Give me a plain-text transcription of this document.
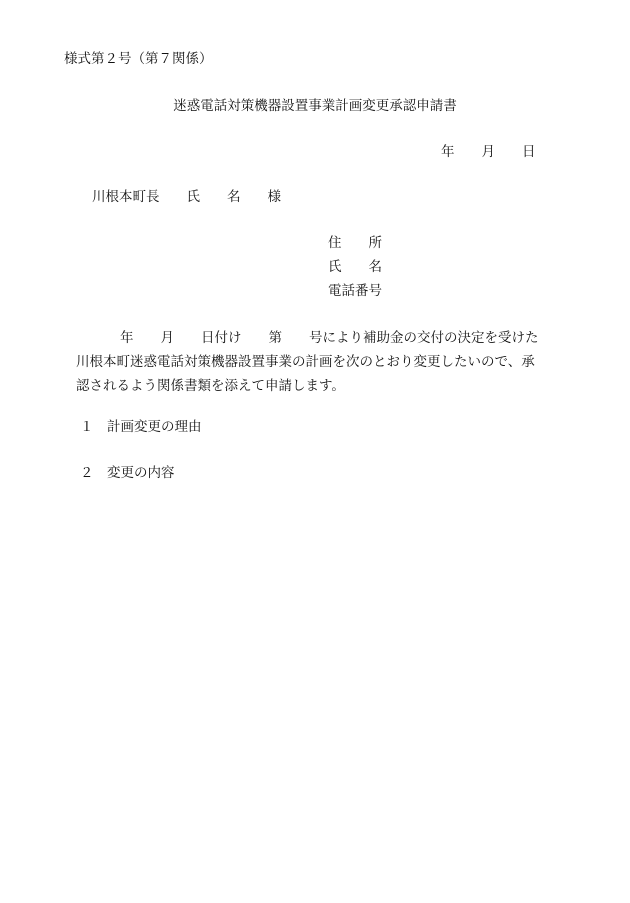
様式第２号（第７関係）
迷惑電話対策機器設置事業計画変更承認申請書
年　　月　　日
川根本町長　　氏　　名　　様
住　　所
氏　　名
電話番号
年　　月　　日付け　　第　　号により補助金の交付の決定を受けた
川根本町迷惑電話対策機器設置事業の計画を次のとおり変更したいので、承
認されるよう関係書類を添えて申請します。
１　計画変更の理由
２　変更の内容
